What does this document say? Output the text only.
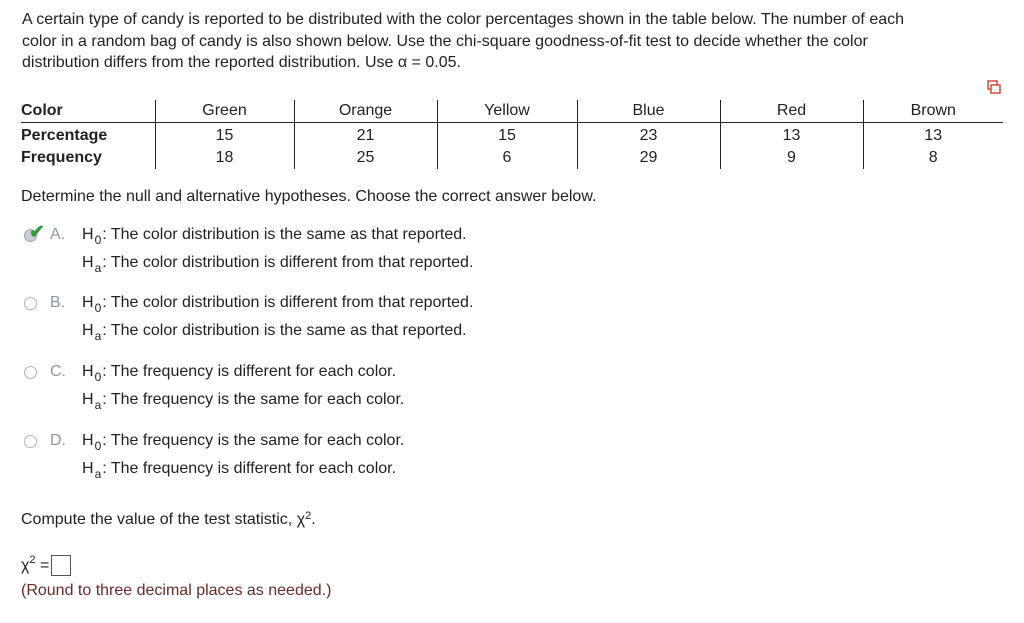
A certain type of candy is reported to be distributed with the color percentages shown in the table below. The number of each
color in a random bag of candy is also shown below. Use the chi-square goodness-of-fit test to decide whether the color
distribution differs from the reported distribution. Use α = 0.05.
Color	Green	Orange	Yellow	Blue	Red	Brown
Percentage	15	21	15	23	13	13
Frequency	18	25	6	29	9	8
Determine the null and alternative hypotheses. Choose the correct answer below.
✔ A. $H_0$: The color distribution is the same as that reported.
$H_a$: The color distribution is different from that reported.
B. $H_0$: The color distribution is different from that reported.
$H_a$: The color distribution is the same as that reported.
C. $H_0$: The frequency is different for each color.
$H_a$: The frequency is the same for each color.
D. $H_0$: The frequency is the same for each color.
$H_a$: The frequency is different for each color.
Compute the value of the test statistic, $\chi^2$.
$\chi^2$ =
(Round to three decimal places as needed.)
